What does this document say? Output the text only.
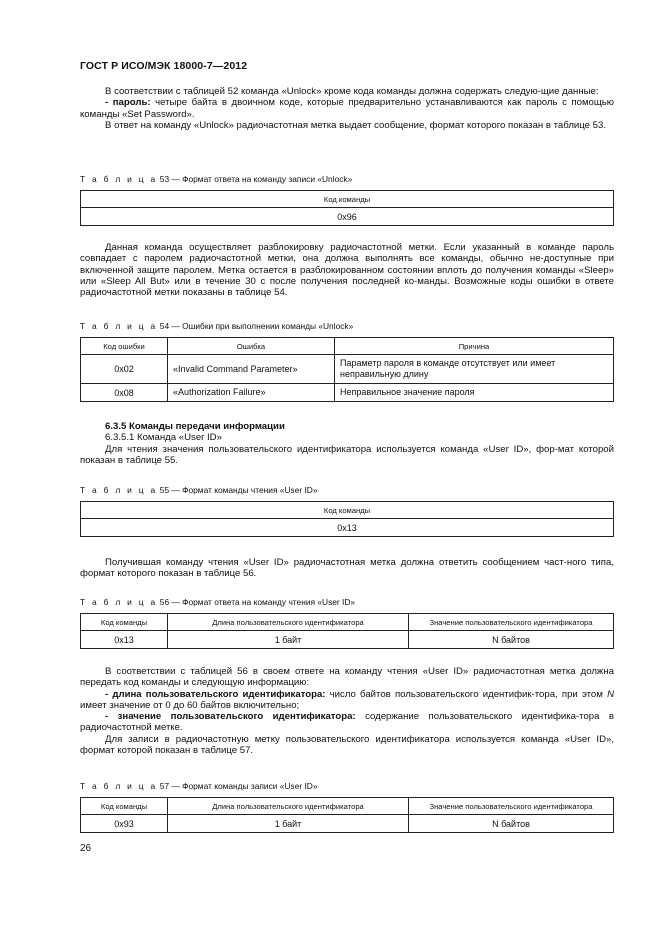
ГОСТ Р ИСО/МЭК 18000-7—2012

В соответствии с таблицей 52 команда «Unlock» кроме кода команды должна содержать следую-щие данные:

- пароль: четыре байта в двоичном коде, которые предварительно устанавливаются как пароль с помощью команды «Set Password».

В ответ на команду «Unlock» радиочастотная метка выдает сообщение, формат которого показан в таблице 53.

Т а б л и ц а 53 — Формат ответа на команду записи «Unlock»
Код команды
0x96

Данная команда осуществляет разблокировку радиочастотной метки. Если указанный в команде пароль совпадает с паролем радиочастотной метки, она должна выполнять все команды, обычно не-доступные при включенной защите паролем. Метка остается в разблокированном состоянии вплоть до получения команды «Sleep» или «Sleep All But» или в течение 30 с после получения последней ко-манды. Возможные коды ошибки в ответе радиочастотной метки показаны в таблице 54.

Т а б л и ц а 54 — Ошибки при выполнении команды «Unlock»
Код ошибки	Ошибка	Причина
0x02	«Invalid Command Parameter»	Параметр пароля в команде отсутствует или имеет неправильную длину
0x08	«Authorization Failure»	Неправильное значение пароля

6.3.5 Команды передачи информации

6.3.5.1 Команда «User ID»

Для чтения значения пользовательского идентификатора используется команда «User ID», фор-мат которой показан в таблице 55.

Т а б л и ц а 55 — Формат команды чтения «User ID»
Код команды
0x13

Получившая команду чтения «User ID» радиочастотная метка должна ответить сообщением част-ного типа, формат которого показан в таблице 56.

Т а б л и ц а 56 — Формат ответа на команду чтения «User ID»
Код команды	Длина пользовательского идентификатора	Значение пользовательского идентификатора
0x13	1 байт	N байтов

В соответствии с таблицей 56 в своем ответе на команду чтения «User ID» радиочастотная метка должна передать код команды и следующую информацию:

- длина пользовательского идентификатора: число байтов пользовательского идентифик-тора, при этом N имеет значение от 0 до 60 байтов включительно;

- значение пользовательского идентификатора: содержание пользовательского идентифика-тора в радиочастотной метке.

Для записи в радиочастотную метку пользовательского идентификатора используется команда «User ID», формат которой показан в таблице 57.

Т а б л и ц а 57 — Формат команды записи «User ID»
Код команды	Длина пользовательского идентификатора	Значение пользовательского идентификатора
0x93	1 байт	N байтов
26
